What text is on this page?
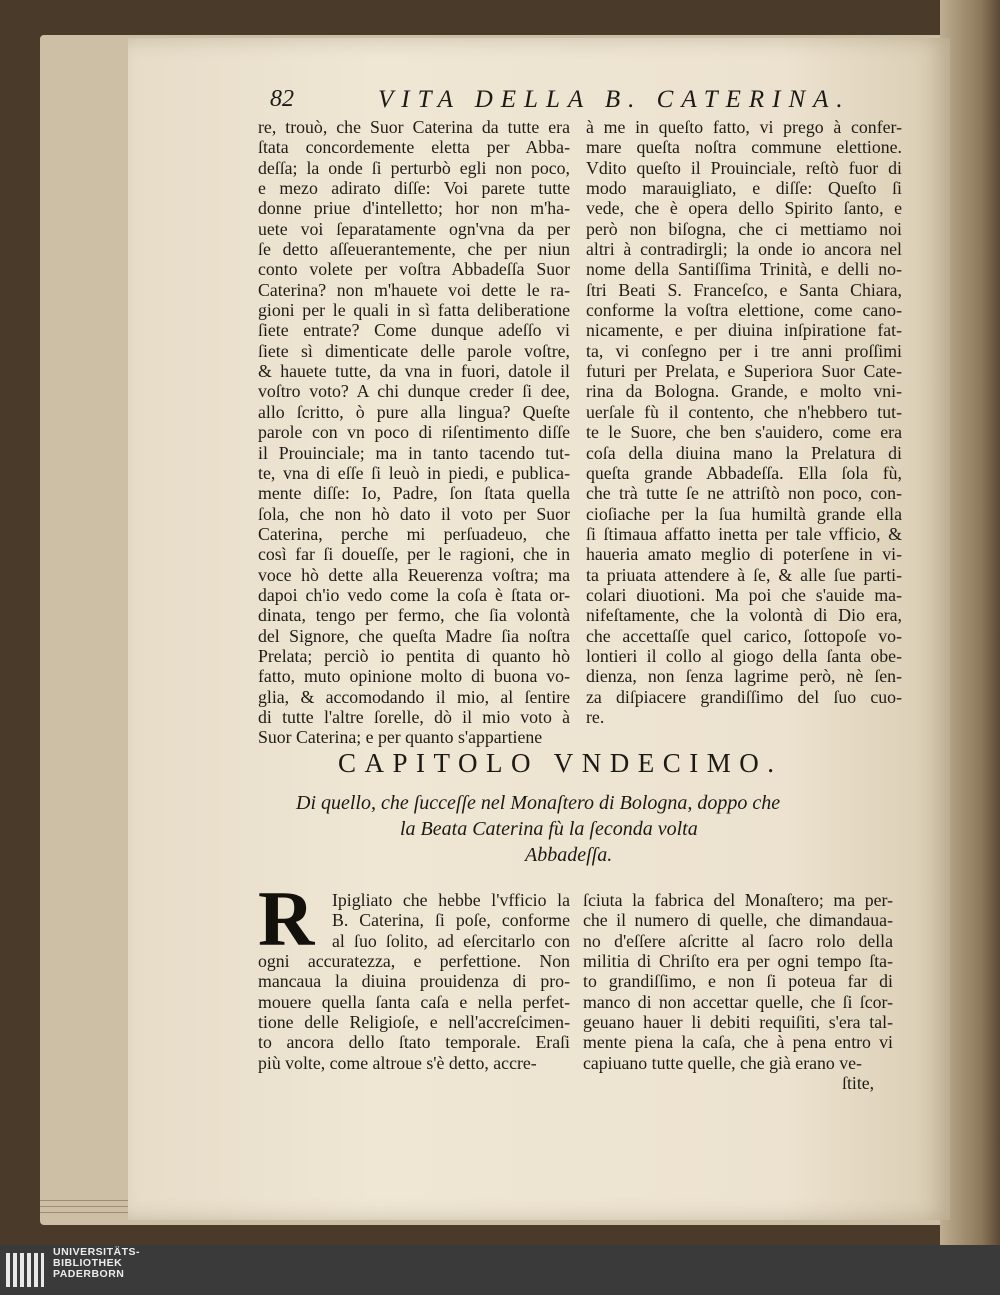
82	VITA DELLA B. CATERINA.
re, trouò, che Suor Caterina da tutte era
ſtata concordemente eletta per Abba-
deſſa; la onde ſi perturbò egli non poco,
e mezo adirato diſſe: Voi parete tutte
donne priue d'intelletto; hor non m'ha-
uete voi ſeparatamente ogn'vna da per
ſe detto aſſeuerantemente, che per niun
conto volete per voſtra Abbadeſſa Suor
Caterina? non m'hauete voi dette le ra-
gioni per le quali in sì fatta deliberatione
ſiete entrate? Come dunque adeſſo vi
ſiete sì dimenticate delle parole voſtre,
& hauete tutte, da vna in fuori, datole il
voſtro voto? A chi dunque creder ſi dee,
allo ſcritto, ò pure alla lingua? Queſte
parole con vn poco di riſentimento diſſe
il Prouinciale; ma in tanto tacendo tut-
te, vna di eſſe ſi leuò in piedi, e publica-
mente diſſe: Io, Padre, ſon ſtata quella
ſola, che non hò dato il voto per Suor
Caterina, perche mi perſuadeuo, che
così far ſi doueſſe, per le ragioni, che in
voce hò dette alla Reuerenza voſtra; ma
dapoi ch'io vedo come la coſa è ſtata or-
dinata, tengo per fermo, che ſia volontà
del Signore, che queſta Madre ſia noſtra
Prelata; perciò io pentita di quanto hò
fatto, muto opinione molto di buona vo-
glia, & accomodando il mio, al ſentire
di tutte l'altre ſorelle, dò il mio voto à
Suor Caterina; e per quanto s'appartiene
à me in queſto fatto, vi prego à confer-
mare queſta noſtra commune elettione.
Vdito queſto il Prouinciale, reſtò fuor di
modo marauigliato, e diſſe: Queſto ſi
vede, che è opera dello Spirito ſanto, e
però non biſogna, che ci mettiamo noi
altri à contradirgli; la onde io ancora nel
nome della Santiſſima Trinità, e delli no-
ſtri Beati S. Franceſco, e Santa Chiara,
conforme la voſtra elettione, come cano-
nicamente, e per diuina inſpiratione fat-
ta, vi conſegno per i tre anni proſſimi
futuri per Prelata, e Superiora Suor Cate-
rina da Bologna. Grande, e molto vni-
uerſale fù il contento, che n'hebbero tut-
te le Suore, che ben s'auidero, come era
coſa della diuina mano la Prelatura di
queſta grande Abbadeſſa. Ella ſola fù,
che trà tutte ſe ne attriſtò non poco, con-
cioſiache per la ſua humiltà grande ella
ſi ſtimaua affatto inetta per tale vfficio, &
haueria amato meglio di poterſene in vi-
ta priuata attendere à ſe, & alle ſue parti-
colari diuotioni. Ma poi che s'auide ma-
nifeſtamente, che la volontà di Dio era,
che accettaſſe quel carico, ſottopoſe vo-
lontieri il collo al giogo della ſanta obe-
dienza, non ſenza lagrime però, nè ſen-
za diſpiacere grandiſſimo del ſuo cuo-
re.
CAPITOLO VNDECIMO.
Di quello, che ſucceſſe nel Monaſtero di Bologna, doppo che
la Beata Caterina fù la ſeconda volta
Abbadeſſa.
R Ipigliato che hebbe l'vfficio la
B. Caterina, ſi poſe, conforme
al ſuo ſolito, ad eſercitarlo con
ogni accuratezza, e perfettione. Non
mancaua la diuina prouidenza di pro-
mouere quella ſanta caſa e nella perfet-
tione delle Religioſe, e nell'accreſcimen-
to ancora dello ſtato temporale. Eraſi
più volte, come altroue s'è detto, accre-
ſciuta la fabrica del Monaſtero; ma per-
che il numero di quelle, che dimandaua-
no d'eſſere aſcritte al ſacro rolo della
militia di Chriſto era per ogni tempo ſta-
to grandiſſimo, e non ſi poteua far di
manco di non accettar quelle, che ſi ſcor-
geuano hauer li debiti requiſiti, s'era tal-
mente piena la caſa, che à pena entro vi
capiuano tutte quelle, che già erano ve-
ſtite,
UNIVERSITÄTS-
BIBLIOTHEK
PADERBORN
